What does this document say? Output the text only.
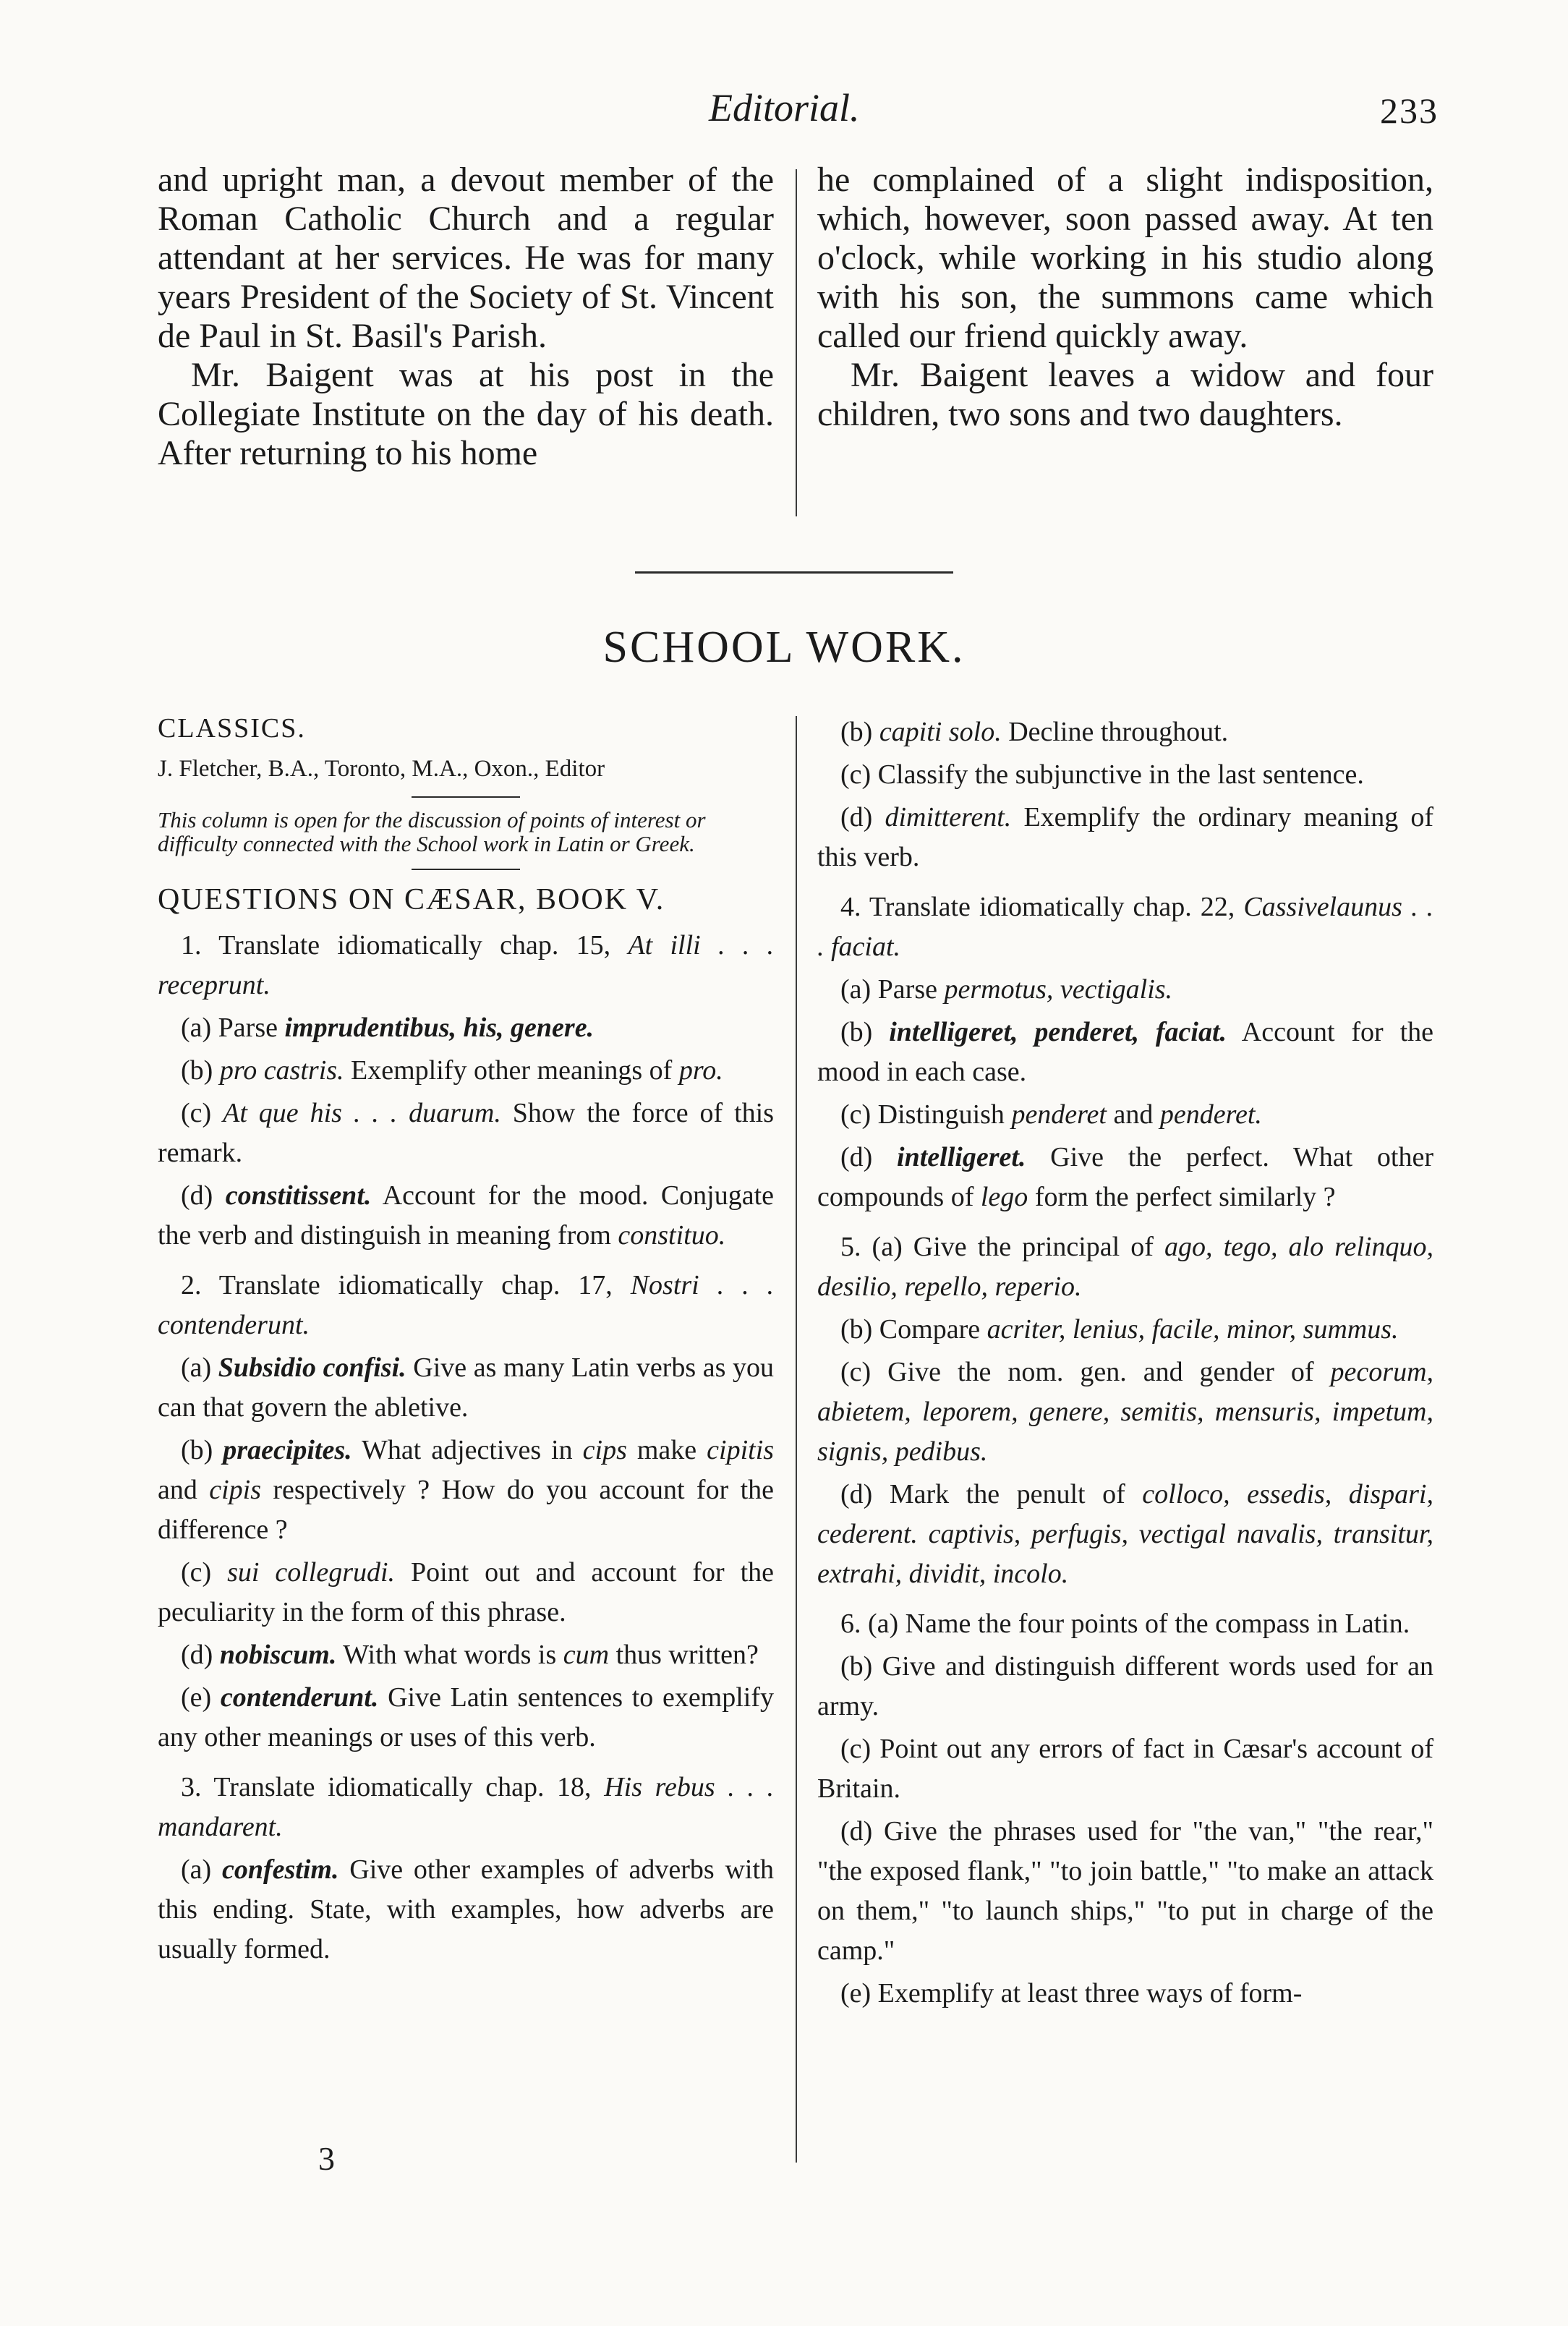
Editorial.	233

and upright man, a devout member of the Roman Catholic Church and a regular attendant at her services. He was for many years President of the Society of St. Vincent de Paul in St. Basil's Parish.

Mr. Baigent was at his post in the Collegiate Institute on the day of his death. After returning to his home

he complained of a slight indisposition, which, however, soon passed away. At ten o'clock, while working in his studio along with his son, the summons came which called our friend quickly away.

Mr. Baigent leaves a widow and four children, two sons and two daughters.

SCHOOL WORK.

CLASSICS.

J. Fletcher, B.A., Toronto, M.A., Oxon., Editor

This column is open for the discussion of points of interest or difficulty connected with the School work in Latin or Greek.

QUESTIONS ON CÆSAR, BOOK V.

1. Translate idiomatically chap. 15, At illi . . . receprunt.

(a) Parse imprudentibus, his, genere.

(b) pro castris. Exemplify other meanings of pro.

(c) At que his . . . duarum. Show the force of this remark.

(d) constitissent. Account for the mood. Conjugate the verb and distinguish in meaning from constituo.

2. Translate idiomatically chap. 17, Nostri . . . contenderunt.

(a) Subsidio confisi. Give as many Latin verbs as you can that govern the abletive.

(b) praecipites. What adjectives in cips make cipitis and cipis respectively ? How do you account for the difference ?

(c) sui collegrudi. Point out and account for the peculiarity in the form of this phrase.

(d) nobiscum. With what words is cum thus written?

(e) contenderunt. Give Latin sentences to exemplify any other meanings or uses of this verb.

3. Translate idiomatically chap. 18, His rebus . . . mandarent.

(a) confestim. Give other examples of adverbs with this ending. State, with examples, how adverbs are usually formed.

(b) capiti solo. Decline throughout.

(c) Classify the subjunctive in the last sentence.

(d) dimitterent. Exemplify the ordinary meaning of this verb.

4. Translate idiomatically chap. 22, Cassivelaunus . . . faciat.

(a) Parse permotus, vectigalis.

(b) intelligeret, penderet, faciat. Account for the mood in each case.

(c) Distinguish penderet and penderet.

(d) intelligeret. Give the perfect. What other compounds of lego form the perfect similarly ?

5. (a) Give the principal of ago, tego, alo relinquo, desilio, repello, reperio.

(b) Compare acriter, lenius, facile, minor, summus.

(c) Give the nom. gen. and gender of pecorum, abietem, leporem, genere, semitis, mensuris, impetum, signis, pedibus.

(d) Mark the penult of colloco, essedis, dispari, cederent. captivis, perfugis, vectigal navalis, transitur, extrahi, dividit, incolo.

6. (a) Name the four points of the compass in Latin.

(b) Give and distinguish different words used for an army.

(c) Point out any errors of fact in Cæsar's account of Britain.

(d) Give the phrases used for "the van," "the rear," "the exposed flank," "to join battle," "to make an attack on them," "to launch ships," "to put in charge of the camp."

(e) Exemplify at least three ways of form-

3
